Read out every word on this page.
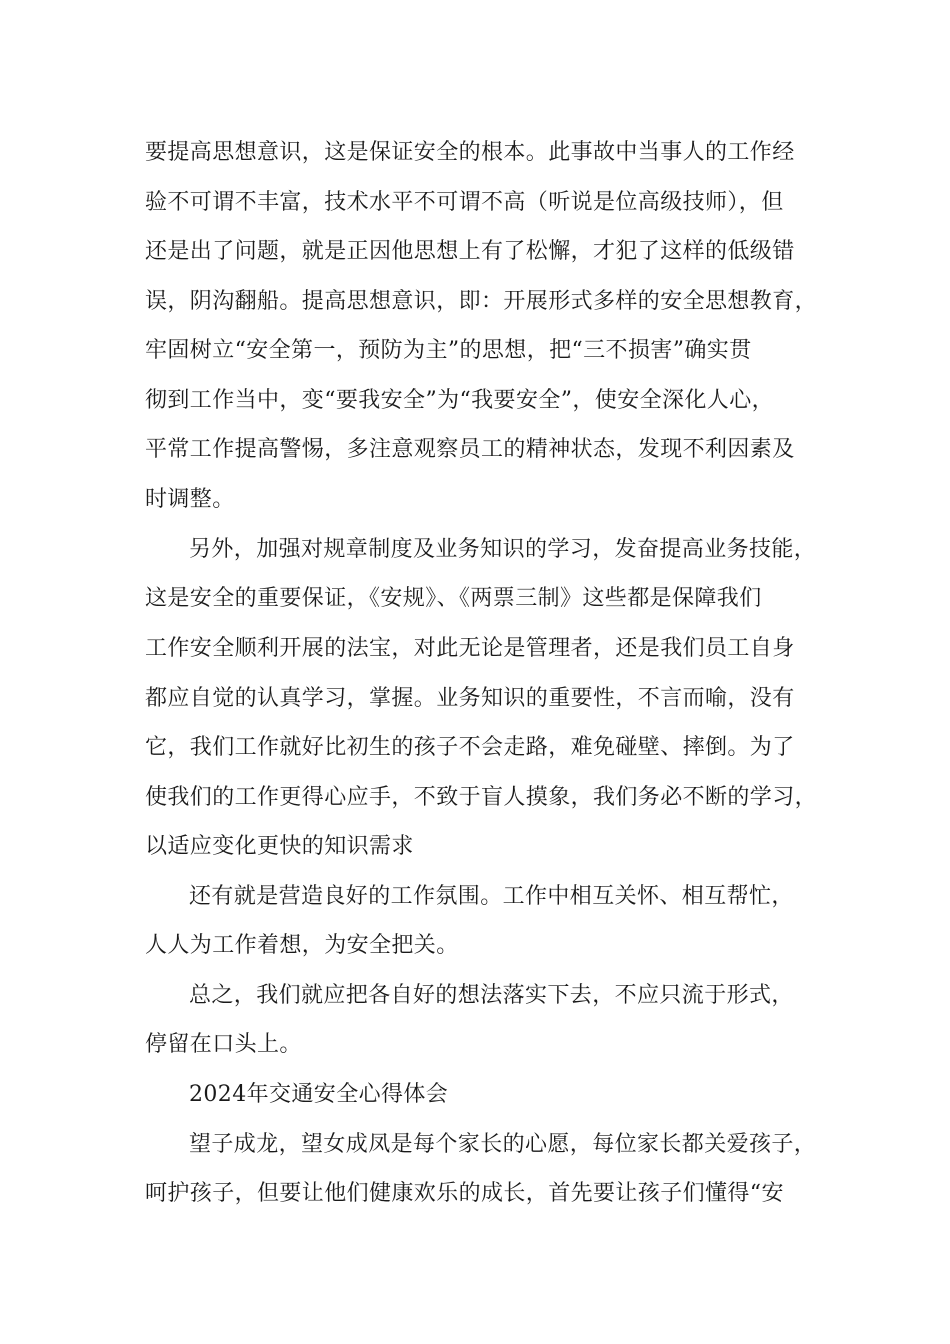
要提高思想意识，这是保证安全的根本。此事故中当事人的工作经
验不可谓不丰富，技术水平不可谓不高（听说是位高级技师），但
还是出了问题，就是正因他思想上有了松懈，才犯了这样的低级错
误，阴沟翻船。提高思想意识，即：开展形式多样的安全思想教育，
牢固树立“安全第一，预防为主”的思想，把“三不损害”确实贯
彻到工作当中，变“要我安全”为“我要安全”，使安全深化人心，
平常工作提高警惕，多注意观察员工的精神状态，发现不利因素及
时调整。
另外，加强对规章制度及业务知识的学习，发奋提高业务技能，
这是安全的重要保证，《安规》、《两票三制》这些都是保障我们
工作安全顺利开展的法宝，对此无论是管理者，还是我们员工自身
都应自觉的认真学习，掌握。业务知识的重要性，不言而喻，没有
它，我们工作就好比初生的孩子不会走路，难免碰壁、摔倒。为了
使我们的工作更得心应手，不致于盲人摸象，我们务必不断的学习，
以适应变化更快的知识需求
还有就是营造良好的工作氛围。工作中相互关怀、相互帮忙，
人人为工作着想，为安全把关。
总之，我们就应把各自好的想法落实下去，不应只流于形式，
停留在口头上。
2024年交通安全心得体会
望子成龙，望女成凤是每个家长的心愿，每位家长都关爱孩子，
呵护孩子，但要让他们健康欢乐的成长，首先要让孩子们懂得“安
